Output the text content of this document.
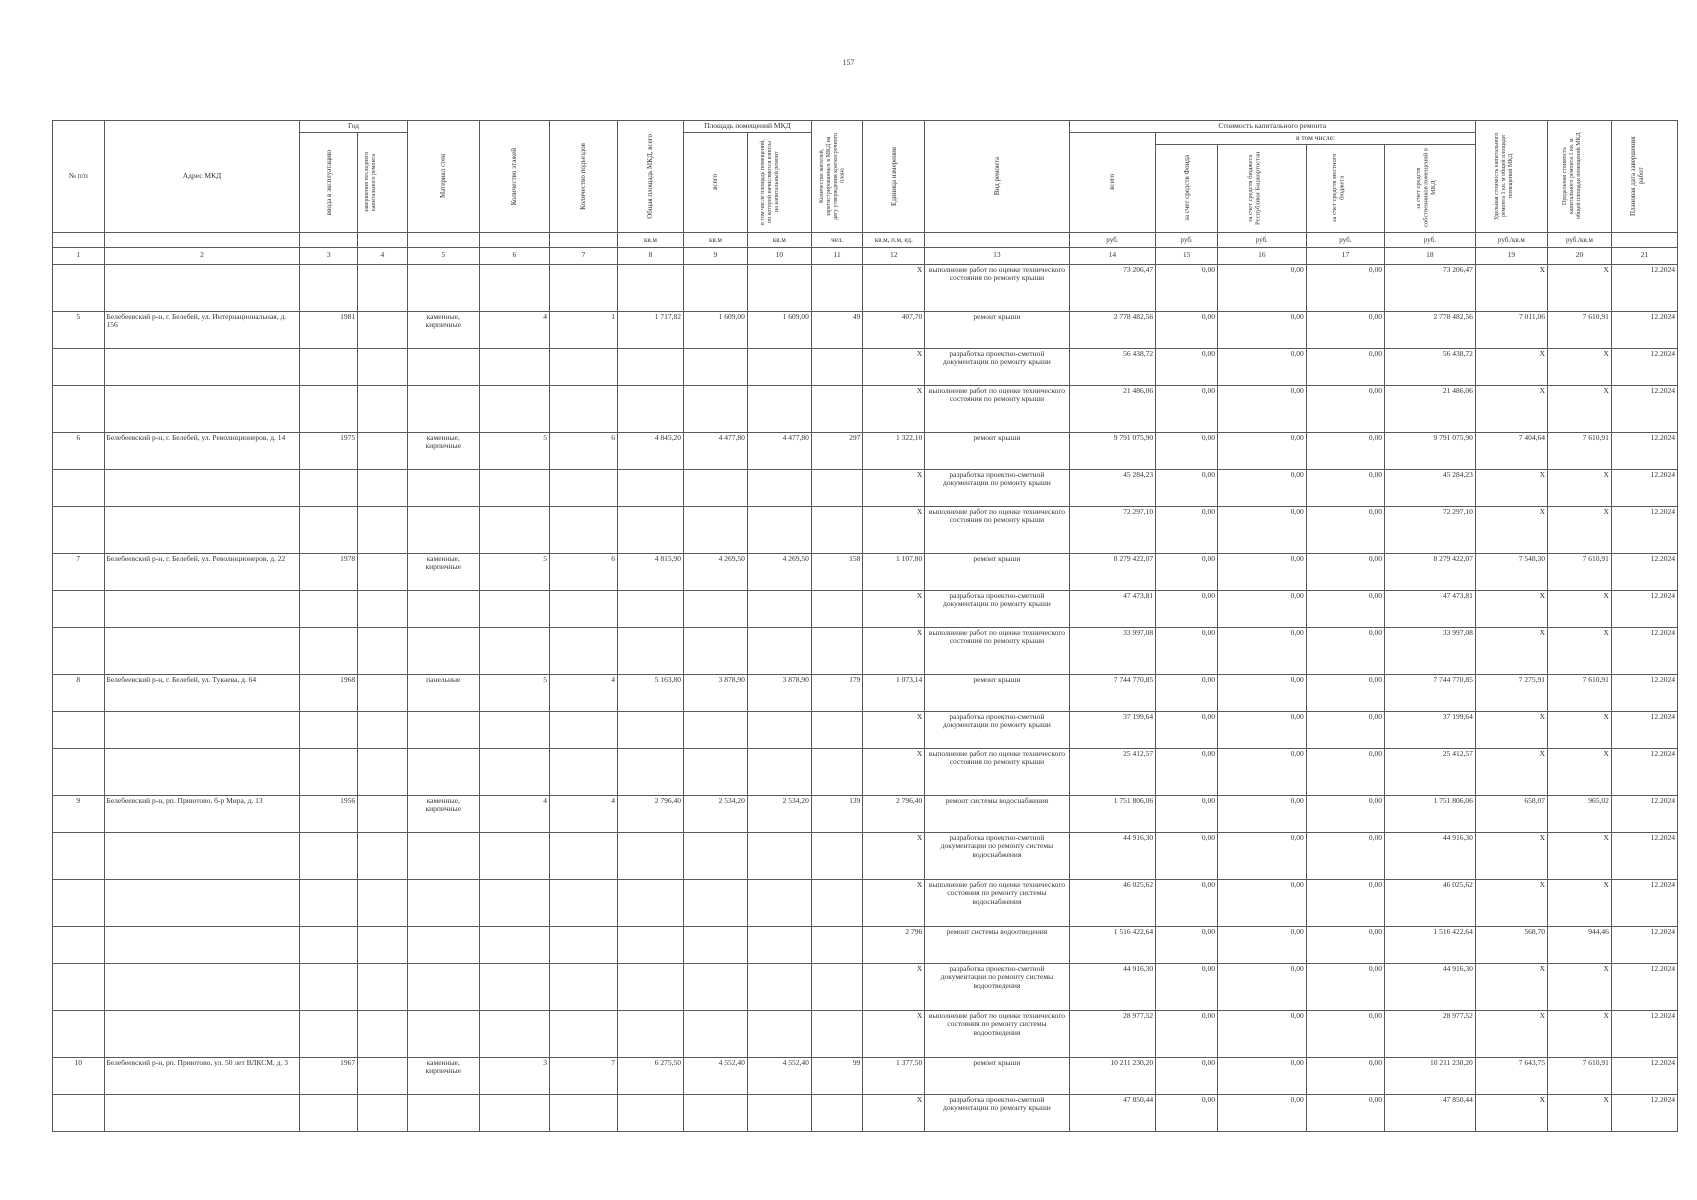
157
№ п/п	Адрес МКД	Год		Материал стен	Количество этажей	Количество подъездов	Общая площадь МКД, всего	Площадь помещений МКД		Количество жителей, зарегистрированных в МКД на дату утверждения краткосрочного плана	Единица измерения	Вид ремонта	Стоимость капитального ремонта					Удельная стоимость капитального ремонта 1 кв. м общей площади помещений МКД	Предельная стоимость капитального ремонта 1 кв. м общей площади помещений МКД	Плановая дата завершения работ

		ввода в эксплуатацию	завершения последнего капитального ремонта					всего	в том числе площадь помещений, по которой начисляются взносы на капитальный ремонт				всего	в том числе:						

														за счет средств Фонда	за счет средств бюджета Республики Башкортостан	за счет средств местного бюджета	за счет средств собственников помещений в МКД			

							кв.м	кв.м	кв.м	чел.	кв.м, п.м, ед.		руб.	руб.	руб.	руб.	руб.	руб./кв.м	руб./кв.м	
1	2	3	4	5	6	7	8	9	10	11	12	13	14	15	16	17	18	19	20	21
											X	выполнение работ по оценке технического состояния по ремонту крыши	73 206,47	0,00	0,00	0,00	73 206,47	X	X	12.2024
5	Белебеевский р-н, г. Белебей, ул. Интернациональная, д. 156	1981		каменные, кирпичные	4	1	1 717,82	1 609,00	1 609,00	49	407,70	ремонт крыши	2 778 482,56	0,00	0,00	0,00	2 778 482,56	7 011,06	7 610,91	12.2024
											X	разработка проектно-сметной документации по ремонту крыши	56 438,72	0,00	0,00	0,00	56 438,72	X	X	12.2024
											X	выполнение работ по оценке технического состояния по ремонту крыши	21 486,06	0,00	0,00	0,00	21 486,06	X	X	12.2024
6	Белебеевский р-н, г. Белебей, ул. Революционеров, д. 14	1975		каменные, кирпичные	5	6	4 845,20	4 477,80	4 477,80	297	1 322,10	ремонт крыши	9 791 075,90	0,00	0,00	0,00	9 791 075,90	7 404,64	7 610,91	12.2024
											X	разработка проектно-сметной документации по ремонту крыши	45 284,23	0,00	0,00	0,00	45 284,23	X	X	12.2024
											X	выполнение работ по оценке технического состояния по ремонту крыши	72 297,10	0,00	0,00	0,00	72 297,10	X	X	12.2024
7	Белебеевский р-н, г. Белебей, ул. Революционеров, д. 22	1978		каменные, кирпичные	5	6	4 815,90	4 269,50	4 269,50	158	1 107,80	ремонт крыши	8 279 422,07	0,00	0,00	0,00	8 279 422,07	7 548,30	7 610,91	12.2024
											X	разработка проектно-сметной документации по ремонту крыши	47 473,81	0,00	0,00	0,00	47 473,81	X	X	12.2024
											X	выполнение работ по оценке технического состояния по ремонту крыши	33 997,08	0,00	0,00	0,00	33 997,08	X	X	12.2024
8	Белебеевский р-н, г. Белебей, ул. Тукаева, д. 64	1968		панельные	5	4	5 163,80	3 878,90	3 878,90	179	1 073,14	ремонт крыши	7 744 770,85	0,00	0,00	0,00	7 744 770,85	7 275,91	7 610,91	12.2024
											X	разработка проектно-сметной документации по ремонту крыши	37 199,64	0,00	0,00	0,00	37 199,64	X	X	12.2024
											X	выполнение работ по оценке технического состояния по ремонту крыши	25 412,57	0,00	0,00	0,00	25 412,57	X	X	12.2024
9	Белебеевский р-н, рп. Приютово, б-р Мира, д. 13	1956		каменные, кирпичные	4	4	2 796,40	2 534,20	2 534,20	139	2 796,40	ремонт системы водоснабжения	1 751 806,06	0,00	0,00	0,00	1 751 806,06	658,07	965,02	12.2024
											X	разработка проектно-сметной документации по ремонту системы водоснабжения	44 916,30	0,00	0,00	0,00	44 916,30	X	X	12.2024
											X	выполнение работ по оценке технического состояния по ремонту системы водоснабжения	46 025,62	0,00	0,00	0,00	46 025,62	X	X	12.2024
											2 796	ремонт системы водоотведения	1 516 422,64	0,00	0,00	0,00	1 516 422,64	568,70	944,46	12.2024
											X	разработка проектно-сметной документации по ремонту системы водоотведения	44 916,30	0,00	0,00	0,00	44 916,30	X	X	12.2024
											X	выполнение работ по оценке технического состояния по ремонту системы водоотведения	28 977,52	0,00	0,00	0,00	28 977,52	X	X	12.2024
10	Белебеевский р-н, рп. Приютово, ул. 50 лет ВЛКСМ, д. 3	1967		каменные, кирпичные	3	7	6 275,50	4 552,40	4 552,40	99	1 377,50	ремонт крыши	10 211 230,20	0,00	0,00	0,00	10 211 230,20	7 643,75	7 610,91	12.2024
											X	разработка проектно-сметной документации по ремонту крыши	47 850,44	0,00	0,00	0,00	47 850,44	X	X	12.2024
